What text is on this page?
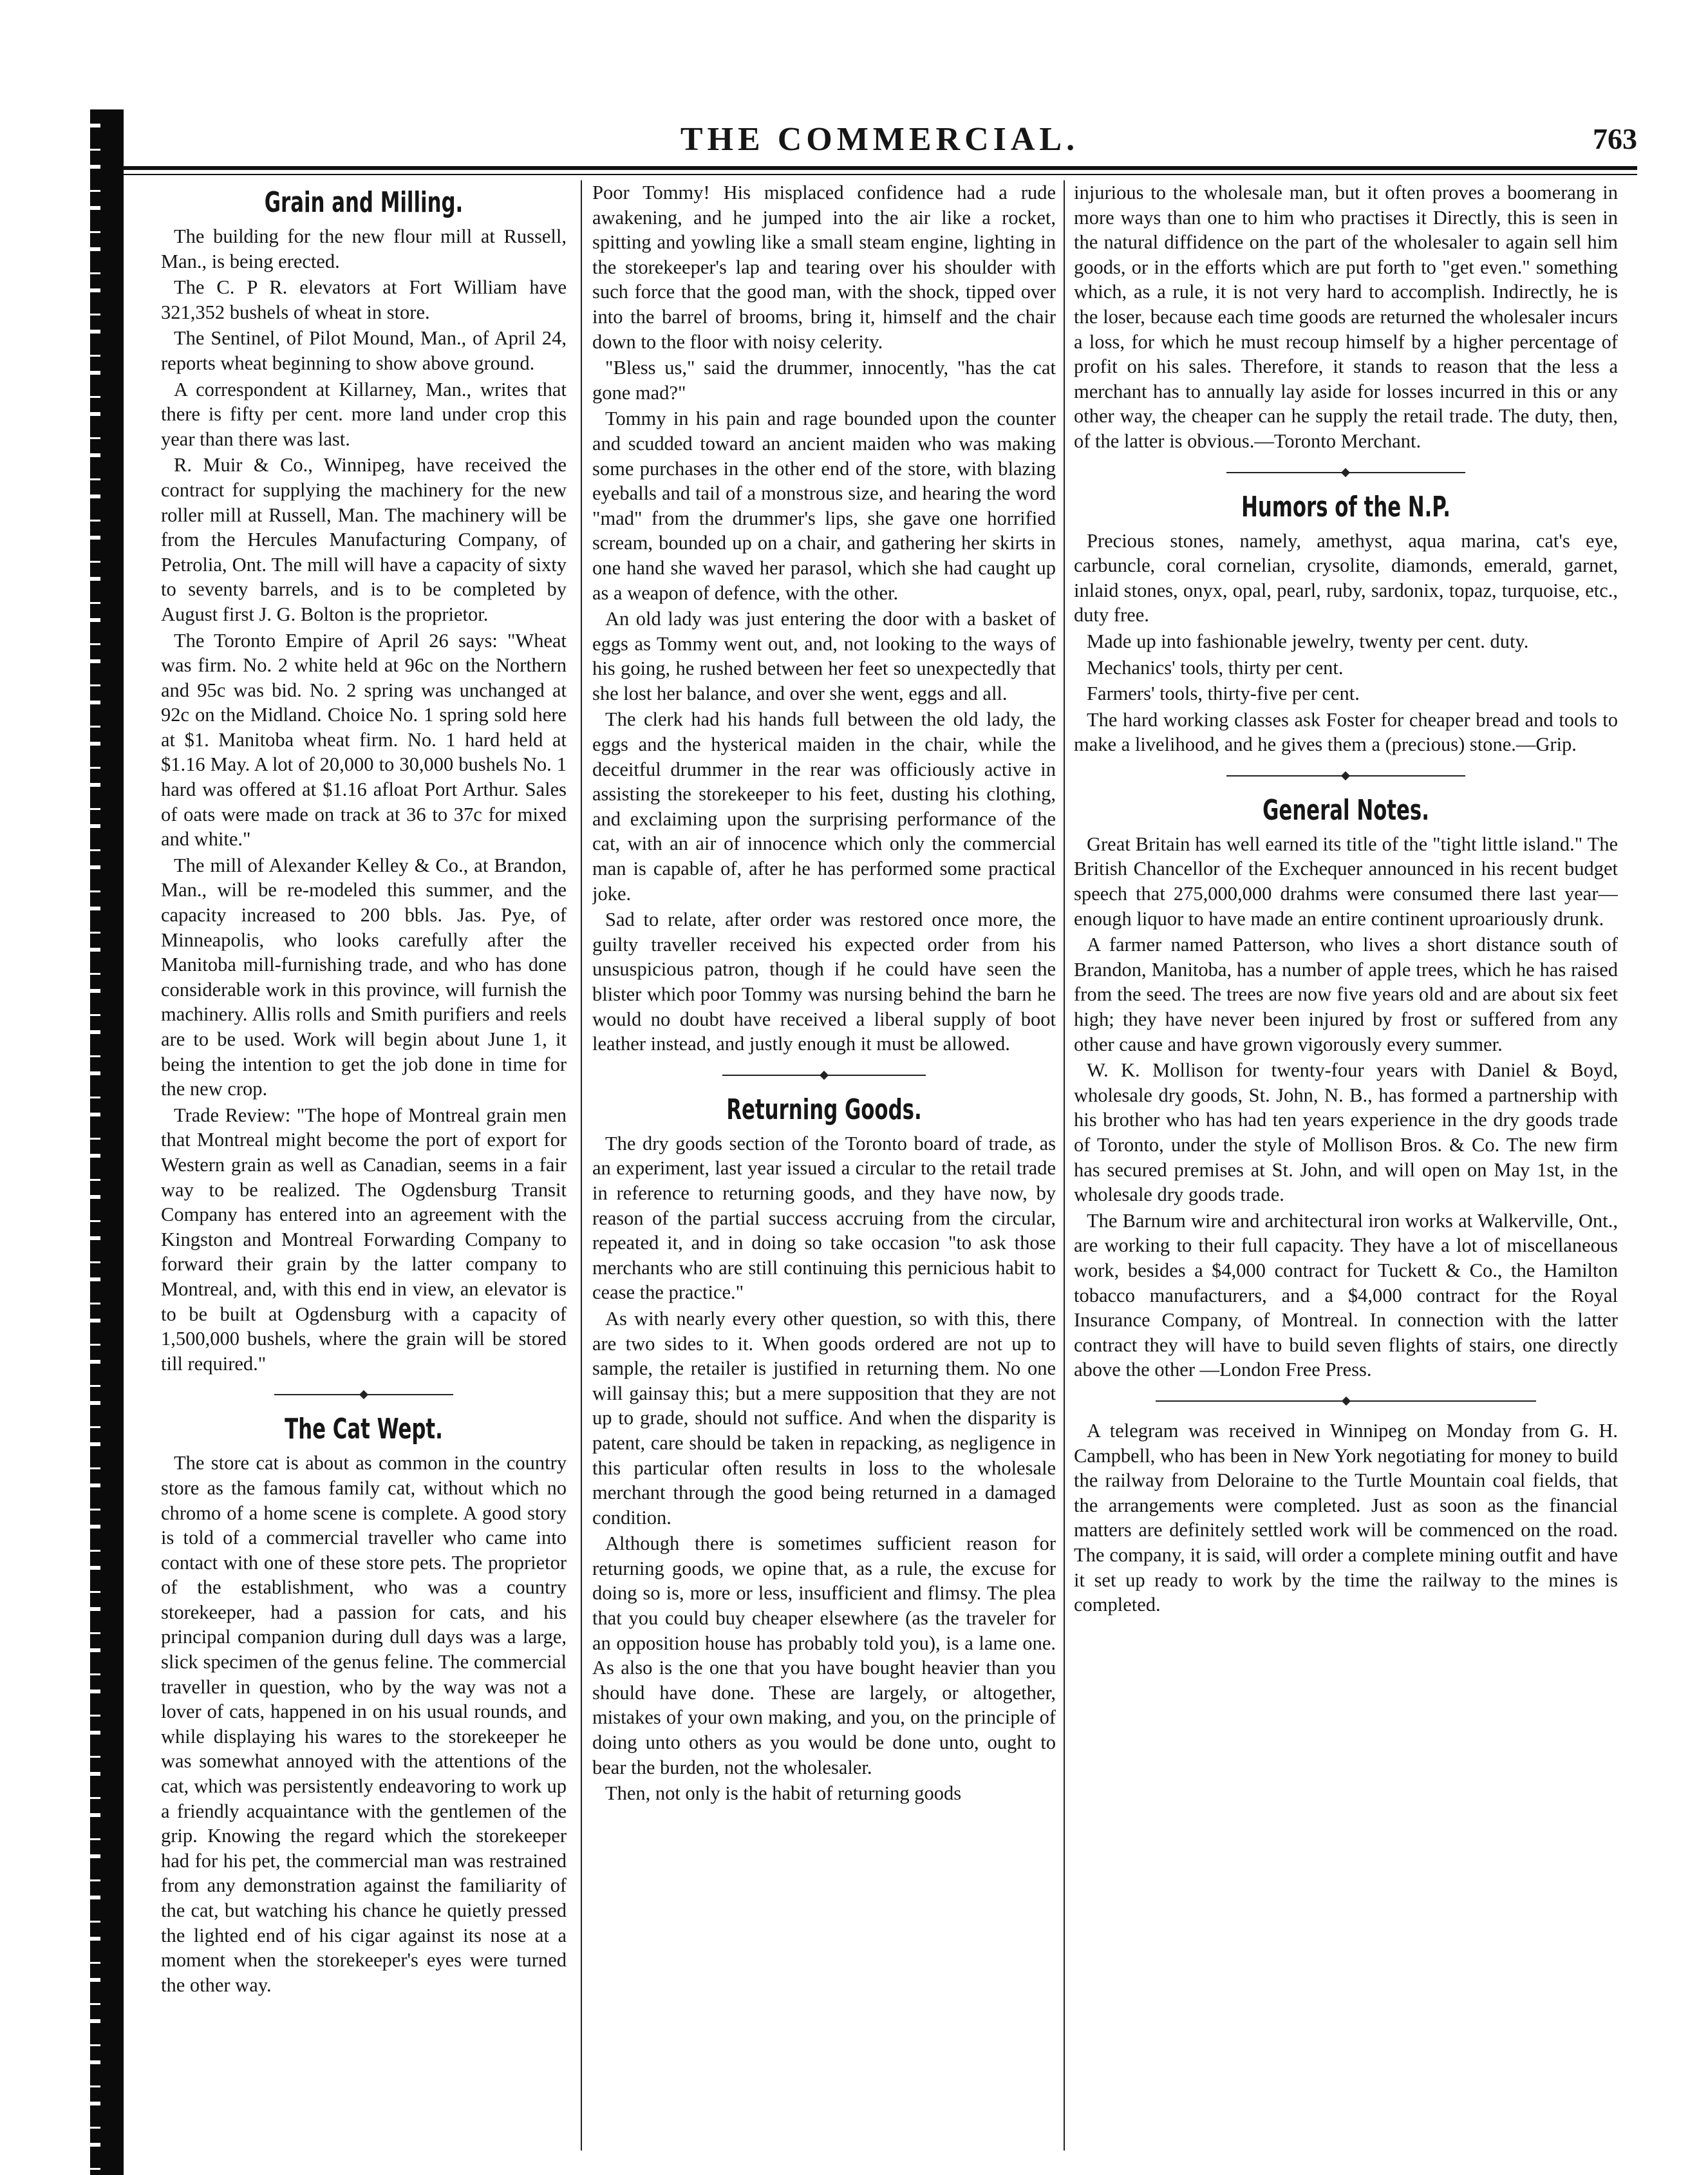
THE COMMERCIAL.	763
Grain and Milling.

The building for the new flour mill at Russell, Man., is being erected.

The C. P R. elevators at Fort William have 321,352 bushels of wheat in store.

The Sentinel, of Pilot Mound, Man., of April 24, reports wheat beginning to show above ground.

A correspondent at Killarney, Man., writes that there is fifty per cent. more land under crop this year than there was last.

R. Muir & Co., Winnipeg, have received the contract for supplying the machinery for the new roller mill at Russell, Man. The machinery will be from the Hercules Manufacturing Company, of Petrolia, Ont. The mill will have a capacity of sixty to seventy barrels, and is to be completed by August first J. G. Bolton is the proprietor.

The Toronto Empire of April 26 says: "Wheat was firm. No. 2 white held at 96c on the Northern and 95c was bid. No. 2 spring was unchanged at 92c on the Midland. Choice No. 1 spring sold here at $1. Manitoba wheat firm. No. 1 hard held at $1.16 May. A lot of 20,000 to 30,000 bushels No. 1 hard was offered at $1.16 afloat Port Arthur. Sales of oats were made on track at 36 to 37c for mixed and white."

The mill of Alexander Kelley & Co., at Brandon, Man., will be re-modeled this summer, and the capacity increased to 200 bbls. Jas. Pye, of Minneapolis, who looks carefully after the Manitoba mill-furnishing trade, and who has done considerable work in this province, will furnish the machinery. Allis rolls and Smith purifiers and reels are to be used. Work will begin about June 1, it being the intention to get the job done in time for the new crop.

Trade Review: "The hope of Montreal grain men that Montreal might become the port of export for Western grain as well as Canadian, seems in a fair way to be realized. The Ogdensburg Transit Company has entered into an agreement with the Kingston and Montreal Forwarding Company to forward their grain by the latter company to Montreal, and, with this end in view, an elevator is to be built at Ogdensburg with a capacity of 1,500,000 bushels, where the grain will be stored till required."

The Cat Wept.

The store cat is about as common in the country store as the famous family cat, without which no chromo of a home scene is complete. A good story is told of a commercial traveller who came into contact with one of these store pets. The proprietor of the establishment, who was a country storekeeper, had a passion for cats, and his principal companion during dull days was a large, slick specimen of the genus feline. The commercial traveller in question, who by the way was not a lover of cats, happened in on his usual rounds, and while displaying his wares to the storekeeper he was somewhat annoyed with the attentions of the cat, which was persistently endeavoring to work up a friendly acquaintance with the gentlemen of the grip. Knowing the regard which the storekeeper had for his pet, the commercial man was restrained from any demonstration against the familiarity of the cat, but watching his chance he quietly pressed the lighted end of his cigar against its nose at a moment when the storekeeper's eyes were turned the other way.

Poor Tommy! His misplaced confidence had a rude awakening, and he jumped into the air like a rocket, spitting and yowling like a small steam engine, lighting in the storekeeper's lap and tearing over his shoulder with such force that the good man, with the shock, tipped over into the barrel of brooms, bring it, himself and the chair down to the floor with noisy celerity.

"Bless us," said the drummer, innocently, "has the cat gone mad?"

Tommy in his pain and rage bounded upon the counter and scudded toward an ancient maiden who was making some purchases in the other end of the store, with blazing eyeballs and tail of a monstrous size, and hearing the word "mad" from the drummer's lips, she gave one horrified scream, bounded up on a chair, and gathering her skirts in one hand she waved her parasol, which she had caught up as a weapon of defence, with the other.

An old lady was just entering the door with a basket of eggs as Tommy went out, and, not looking to the ways of his going, he rushed between her feet so unexpectedly that she lost her balance, and over she went, eggs and all.

The clerk had his hands full between the old lady, the eggs and the hysterical maiden in the chair, while the deceitful drummer in the rear was officiously active in assisting the storekeeper to his feet, dusting his clothing, and exclaiming upon the surprising performance of the cat, with an air of innocence which only the commercial man is capable of, after he has performed some practical joke.

Sad to relate, after order was restored once more, the guilty traveller received his expected order from his unsuspicious patron, though if he could have seen the blister which poor Tommy was nursing behind the barn he would no doubt have received a liberal supply of boot leather instead, and justly enough it must be allowed.

Returning Goods.

The dry goods section of the Toronto board of trade, as an experiment, last year issued a circular to the retail trade in reference to returning goods, and they have now, by reason of the partial success accruing from the circular, repeated it, and in doing so take occasion "to ask those merchants who are still continuing this pernicious habit to cease the practice."

As with nearly every other question, so with this, there are two sides to it. When goods ordered are not up to sample, the retailer is justified in returning them. No one will gainsay this; but a mere supposition that they are not up to grade, should not suffice. And when the disparity is patent, care should be taken in repacking, as negligence in this particular often results in loss to the wholesale merchant through the good being returned in a damaged condition.

Although there is sometimes sufficient reason for returning goods, we opine that, as a rule, the excuse for doing so is, more or less, insufficient and flimsy. The plea that you could buy cheaper elsewhere (as the traveler for an opposition house has probably told you), is a lame one. As also is the one that you have bought heavier than you should have done. These are largely, or altogether, mistakes of your own making, and you, on the principle of doing unto others as you would be done unto, ought to bear the burden, not the wholesaler.

Then, not only is the habit of returning goods

injurious to the wholesale man, but it often proves a boomerang in more ways than one to him who practises it Directly, this is seen in the natural diffidence on the part of the wholesaler to again sell him goods, or in the efforts which are put forth to "get even." something which, as a rule, it is not very hard to accomplish. Indirectly, he is the loser, because each time goods are returned the wholesaler incurs a loss, for which he must recoup himself by a higher percentage of profit on his sales. Therefore, it stands to reason that the less a merchant has to annually lay aside for losses incurred in this or any other way, the cheaper can he supply the retail trade. The duty, then, of the latter is obvious.—Toronto Merchant.

Humors of the N.P.

Precious stones, namely, amethyst, aqua marina, cat's eye, carbuncle, coral cornelian, crysolite, diamonds, emerald, garnet, inlaid stones, onyx, opal, pearl, ruby, sardonix, topaz, turquoise, etc., duty free.

Made up into fashionable jewelry, twenty per cent. duty.

Mechanics' tools, thirty per cent.

Farmers' tools, thirty-five per cent.

The hard working classes ask Foster for cheaper bread and tools to make a livelihood, and he gives them a (precious) stone.—Grip.

General Notes.

Great Britain has well earned its title of the "tight little island." The British Chancellor of the Exchequer announced in his recent budget speech that 275,000,000 drahms were consumed there last year—enough liquor to have made an entire continent uproariously drunk.

A farmer named Patterson, who lives a short distance south of Brandon, Manitoba, has a number of apple trees, which he has raised from the seed. The trees are now five years old and are about six feet high; they have never been injured by frost or suffered from any other cause and have grown vigorously every summer.

W. K. Mollison for twenty-four years with Daniel & Boyd, wholesale dry goods, St. John, N. B., has formed a partnership with his brother who has had ten years experience in the dry goods trade of Toronto, under the style of Mollison Bros. & Co. The new firm has secured premises at St. John, and will open on May 1st, in the wholesale dry goods trade.

The Barnum wire and architectural iron works at Walkerville, Ont., are working to their full capacity. They have a lot of miscellaneous work, besides a $4,000 contract for Tuckett & Co., the Hamilton tobacco manufacturers, and a $4,000 contract for the Royal Insurance Company, of Montreal. In connection with the latter contract they will have to build seven flights of stairs, one directly above the other —London Free Press.

A telegram was received in Winnipeg on Monday from G. H. Campbell, who has been in New York negotiating for money to build the railway from Deloraine to the Turtle Mountain coal fields, that the arrangements were completed. Just as soon as the financial matters are definitely settled work will be commenced on the road. The company, it is said, will order a complete mining outfit and have it set up ready to work by the time the railway to the mines is completed.
